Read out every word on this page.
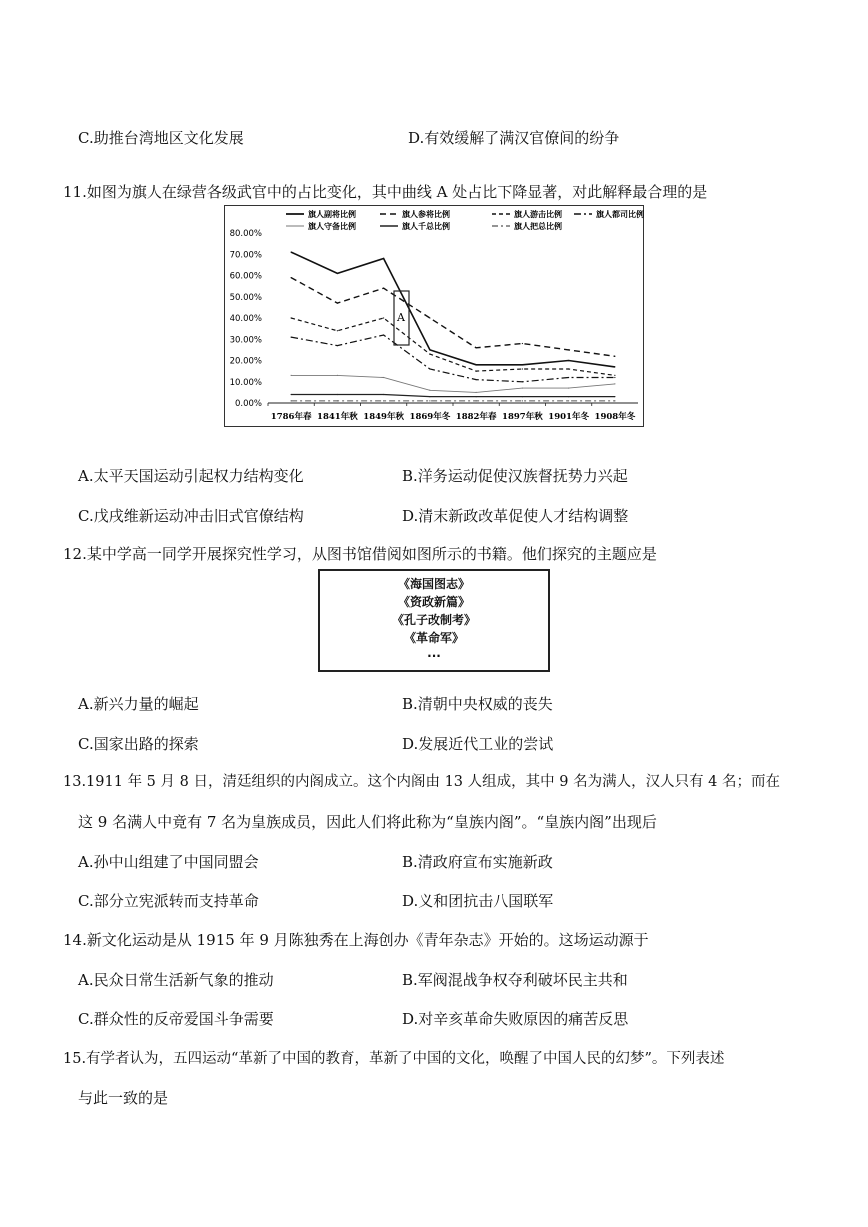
C.助推台湾地区文化发展	D.有效缓解了满汉官僚间的纷争
11.如图为旗人在绿营各级武官中的占比变化，其中曲线 A 处占比下降显著，对此解释最合理的是
旗人副将比例	旗人参将比例	旗人游击比例	旗人都司比例
旗人守备比例	旗人千总比例	旗人把总比例
80.00%
70.00%
60.00%
50.00%
40.00%
30.00%
20.00%
10.00%
0.00%
1786年春 1841年秋 1849年秋 1869年冬 1882年春 1897年秋 1901年冬 1908年冬
A
A.太平天国运动引起权力结构变化	B.洋务运动促使汉族督抚势力兴起
C.戊戌维新运动冲击旧式官僚结构	D.清末新政改革促使人才结构调整
12.某中学高一同学开展探究性学习，从图书馆借阅如图所示的书籍。他们探究的主题应是
《海国图志》
《资政新篇》
《孔子改制考》
《革命军》
···
A.新兴力量的崛起	B.清朝中央权威的丧失
C.国家出路的探索	D.发展近代工业的尝试
13.1911 年 5 月 8 日，清廷组织的内阁成立。这个内阁由 13 人组成，其中 9 名为满人，汉人只有 4 名；而在
这 9 名满人中竟有 7 名为皇族成员，因此人们将此称为“皇族内阁”。“皇族内阁”出现后
A.孙中山组建了中国同盟会	B.清政府宣布实施新政
C.部分立宪派转而支持革命	D.义和团抗击八国联军
14.新文化运动是从 1915 年 9 月陈独秀在上海创办《青年杂志》开始的。这场运动源于
A.民众日常生活新气象的推动	B.军阀混战争权夺利破坏民主共和
C.群众性的反帝爱国斗争需要	D.对辛亥革命失败原因的痛苦反思
15.有学者认为，五四运动“革新了中国的教育，革新了中国的文化，唤醒了中国人民的幻梦”。下列表述
与此一致的是
